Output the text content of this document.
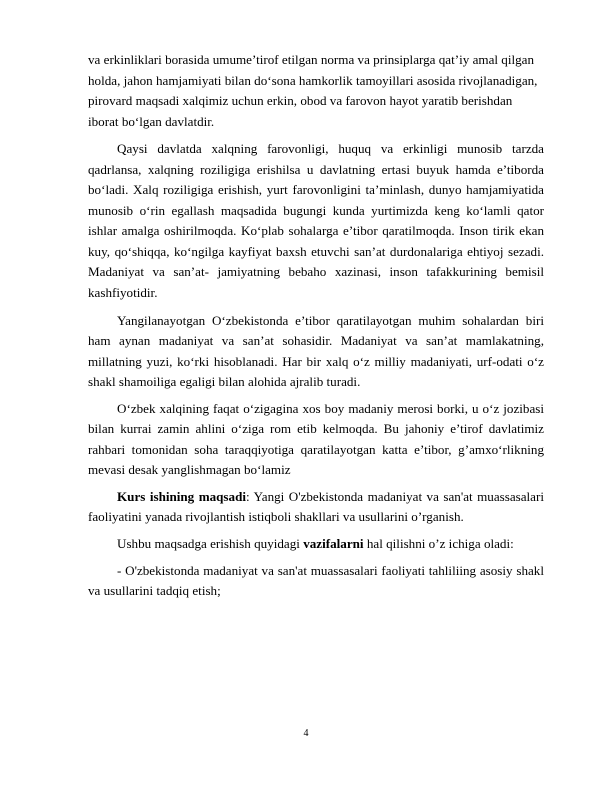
va erkinliklari borasida umume’tirof etilgan norma va prinsiplarga qat’iy amal qilgan
holda, jahon hamjamiyati bilan do‘sona hamkorlik tamoyillari asosida rivojlanadigan,
pirovard maqsadi xalqimiz uchun erkin, obod va farovon hayot yaratib berishdan
iborat bo‘lgan davlatdir.

Qaysi davlatda xalqning farovonligi, huquq va erkinligi munosib tarzda qadrlansa, xalqning roziligiga erishilsa u davlatning ertasi buyuk hamda e’tiborda bo‘ladi. Xalq roziligiga erishish, yurt farovonligini ta’minlash, dunyo hamjamiyatida munosib o‘rin egallash maqsadida bugungi kunda yurtimizda keng ko‘lamli qator ishlar amalga oshirilmoqda. Ko‘plab sohalarga e’tibor qaratilmoqda. Inson tirik ekan kuy, qo‘shiqqa, ko‘ngilga kayfiyat baxsh etuvchi san’at durdonalariga ehtiyoj sezadi. Madaniyat va san’at- jamiyatning bebaho xazinasi, inson tafakkurining bemisil kashfiyotidir.

Yangilanayotgan O‘zbekistonda e’tibor qaratilayotgan muhim sohalardan biri ham aynan madaniyat va san’at sohasidir. Madaniyat va san’at mamlakatning, millatning yuzi, ko‘rki hisoblanadi. Har bir xalq o‘z milliy madaniyati, urf-odati o‘z shakl shamoiliga egaligi bilan alohida ajralib turadi.

O‘zbek xalqining faqat o‘zigagina xos boy madaniy merosi borki, u o‘z jozibasi bilan kurrai zamin ahlini o‘ziga rom etib kelmoqda. Bu jahoniy e’tirof davlatimiz rahbari tomonidan soha taraqqiyotiga qaratilayotgan katta e’tibor, g’amxo‘rlikning mevasi desak yanglishmagan bo‘lamiz

Kurs ishining maqsadi: Yangi O'zbekistonda madaniyat va san'at muassasalari faoliyatini yanada rivojlantish istiqboli shakllari va usullarini o’rganish.

Ushbu maqsadga erishish quyidagi vazifalarni hal qilishni o’z ichiga oladi:

- O'zbekistonda madaniyat va san'at muassasalari faoliyati tahliliing asosiy shakl va usullarini tadqiq etish;

4
